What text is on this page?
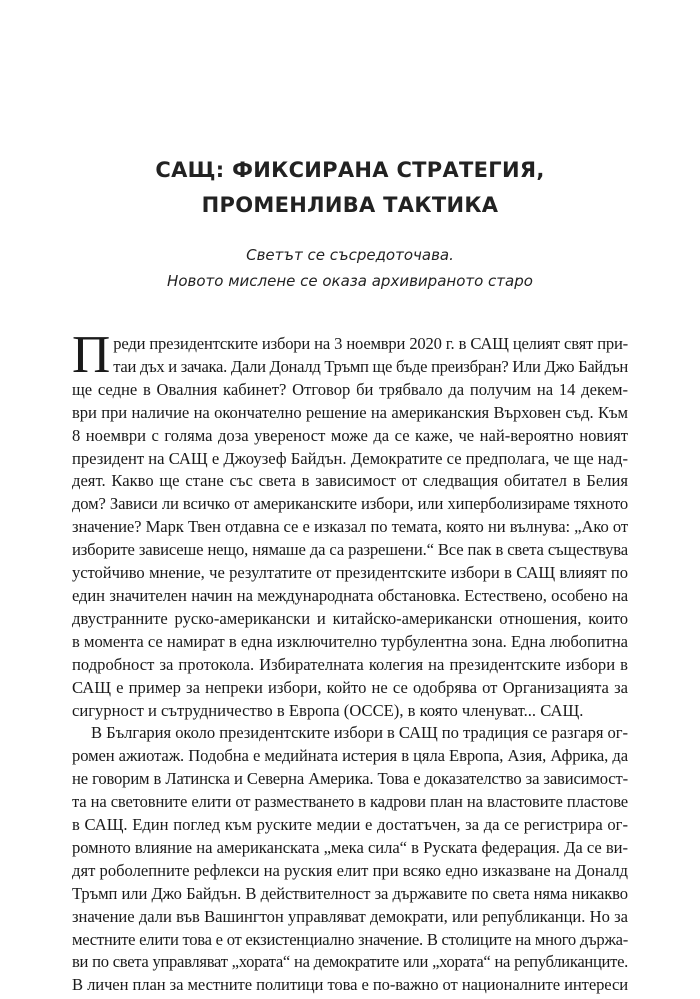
САЩ: ФИКСИРАНА СТРАТЕГИЯ,
ПРОМЕНЛИВА ТАКТИКА
Светът се съсредоточава.
Новото мислене се оказа архивираното старо

П реди президентските избори на 3 ноември 2020 г. в САЩ целият свят при-
таи дъх и зачака. Дали Доналд Тръмп ще бъде преизбран? Или Джо Байдън
ще седне в Овалния кабинет? Отговор би трябвало да получим на 14 декем-
ври при наличие на окончателно решение на американския Върховен съд. Към
8 ноември с голяма доза увереност може да се каже, че най-вероятно новият
президент на САЩ е Джоузеф Байдън. Демократите се предполага, че ще над-
деят. Какво ще стане със света в зависимост от следващия обитател в Белия
дом? Зависи ли всичко от американските избори, или хиперболизираме тяхното
значение? Марк Твен отдавна се е изказал по темата, която ни вълнува: „Ако от
изборите зависеше нещо, нямаше да са разрешени.“ Все пак в света съществува
устойчиво мнение, че резултатите от президентските избори в САЩ влияят по
един значителен начин на международната обстановка. Естествено, особено на
двустранните руско-американски и китайско-американски отношения, които
в момента се намират в една изключително турбулентна зона. Една любопитна
подробност за протокола. Избирателната колегия на президентските избори в
САЩ е пример за непреки избори, който не се одобрява от Организацията за
сигурност и сътрудничество в Европа (ОССЕ), в която членуват... САЩ.

В България около президентските избори в САЩ по традиция се разгаря ог-
ромен ажиотаж. Подобна е медийната истерия в цяла Европа, Азия, Африка, да
не говорим в Латинска и Северна Америка. Това е доказателство за зависимост-
та на световните елити от разместването в кадрови план на властовите пластове
в САЩ. Един поглед към руските медии е достатъчен, за да се регистрира ог-
ромното влияние на американската „мека сила“ в Руската федерация. Да се ви-
дят роболепните рефлекси на руския елит при всяко едно изказване на Доналд
Тръмп или Джо Байдън. В действителност за държавите по света няма никакво
значение дали във Вашингтон управляват демократи, или републиканци. Но за
местните елити това е от екзистенциално значение. В столиците на много държа-
ви по света управляват „хората“ на демократите или „хората“ на републиканците.
В личен план за местните политици това е по-важно от националните интереси
